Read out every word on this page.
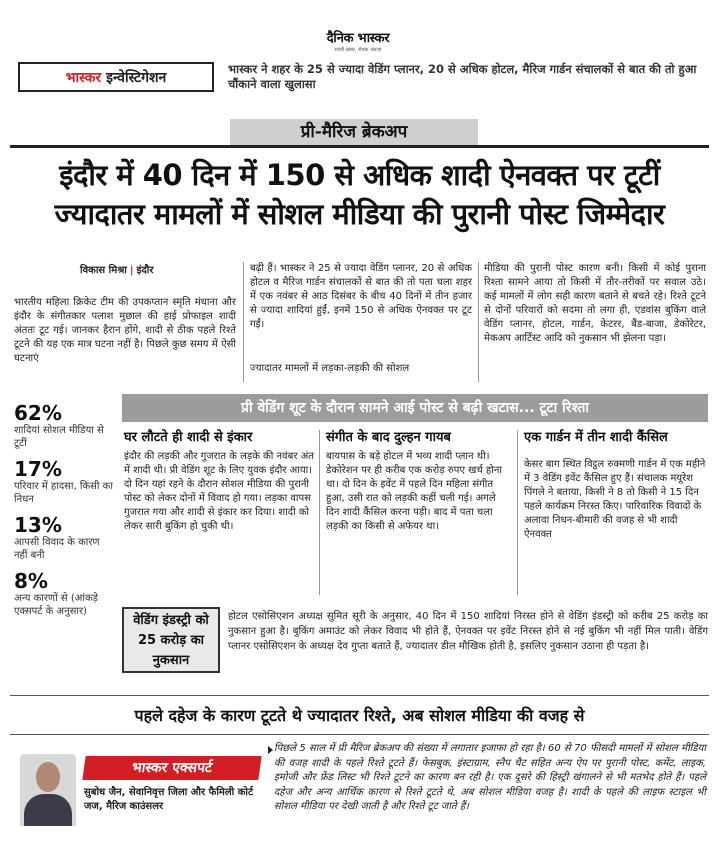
दैनिक भास्कर
सच्ची ख़बर, रोचक अंदाज़
भास्कर इन्वेस्टिगेशन
भास्कर ने शहर के 25 से ज्यादा वेडिंग प्लानर, 20 से अधिक होटल, मैरिज गार्डन संचालकों से बात की तो हुआ चौंकाने वाला खुलासा
प्री-मैरिज ब्रेकअप
इंदौर में 40 दिन में 150 से अधिक शादी ऐनवक्त पर टूटीं
ज्यादातर मामलों में सोशल मीडिया की पुरानी पोस्ट जिम्मेदार
विकास मिश्रा | इंदौर
भारतीय महिला क्रिकेट टीम की उपकप्तान स्मृति मंधाना और इंदौर के संगीतकार पलाश मुछाल की हाई प्रोफाइल शादी अंततः टूट गई। जानकर हैरान होंगे, शादी से ठीक पहले रिश्ते टूटने की यह एक मात्र घटना नहीं है। पिछले कुछ समय में ऐसी घटनाएं
बढ़ी हैं। भास्कर ने 25 से ज्यादा वेडिंग प्लानर, 20 से अधिक होटल व मैरिज गार्डन संचालकों से बात की तो पता चला शहर में एक नवंबर से आठ दिसंबर के बीच 40 दिनों में तीन हजार से ज्यादा शादियां हुईं, इनमें 150 से अधिक ऐनवक्त पर टूट गईं।
ज्यादातर मामलों में लड़का-लड़की की सोशल
मीडिया की पुरानी पोस्ट कारण बनी। किसी में कोई पुराना रिश्ता सामने आया तो किसी में तौर-तरीकों पर सवाल उठे। कई मामलों में लोग सही कारण बताने से बचते रहे। रिश्ते टूटने से दोनों परिवारों को सदमा तो लगा ही, एडवांस बुकिंग वाले वेडिंग प्लानर, होटल, गार्डन, केटरर, बैंड-बाजा, डेकोरेटर, मेकअप आर्टिस्ट आदि को नुकसान भी झेलना पड़ा।
62%
शादियां सोशल मीडिया से टूटीं
17%
परिवार में हादसा, किसी का निधन
13%
आपसी विवाद के कारण नहीं बनी
8%
अन्य कारणों से (आंकड़े एक्सपर्ट के अनुसार)
प्री वेडिंग शूट के दौरान सामने आई पोस्ट से बढ़ी खटास... टूटा रिश्ता
घर लौटते ही शादी से इंकार
इंदौर की लड़की और गुजरात के लड़के की नवंबर अंत में शादी थी। प्री वेडिंग शूट के लिए युवक इंदौर आया। दो दिन यहां रहने के दौरान सोशल मीडिया की पुरानी पोस्ट को लेकर दोनों में विवाद हो गया। लड़का वापस गुजरात गया और शादी से इंकार कर दिया। शादी को लेकर सारी बुकिंग हो चुकी थी।
संगीत के बाद दुल्हन गायब
बायपास के बड़े होटल में भव्य शादी प्लान थी। डेकोरेशन पर ही करीब एक करोड़ रुपए खर्च होना था। दो दिन के इवेंट में पहले दिन महिला संगीत हुआ, उसी रात को लड़की कहीं चली गई। अगले दिन शादी कैंसिल करना पड़ी। बाद में पता चला लड़की का किसी से अफेयर था।
एक गार्डन में तीन शादी कैंसिल
केसर बाग स्थित विट्ठल रुक्मणी गार्डन में एक महीने में 3 वेडिंग इवेंट कैंसिल हुए हैं। संचालक मयूरेश पिंगले ने बताया, किसी ने 8 तो किसी ने 15 दिन पहले कार्यक्रम निरस्त किए। पारिवारिक विवादों के अलावा निधन-बीमारी की वजह से भी शादी ऐनवक्त
वेडिंग इंडस्ट्री को 25 करोड़ का नुकसान
होटल एसोसिएशन अध्यक्ष सुमित सूरी के अनुसार, 40 दिन में 150 शादियां निरस्त होने से वेडिंग इंडस्ट्री को करीब 25 करोड़ का नुकसान हुआ है। बुकिंग अमाउंट को लेकर विवाद भी होते हैं, ऐनवक्त पर इवेंट निरस्त होने से नई बुकिंग भी नहीं मिल पाती। वेडिंग प्लानर एसोसिएशन के अध्यक्ष देव गुप्ता बताते हैं, ज्यादातर डील मौखिक होती है, इसलिए नुकसान उठाना ही पड़ता है।
पहले दहेज के कारण टूटते थे ज्यादातर रिश्ते, अब सोशल मीडिया की वजह से
भास्कर एक्सपर्ट
सुबोध जैन, सेवानिवृत्त जिला और फैमिली कोर्ट जज, मैरिज काउंसलर
पिछले 5 साल में प्री मैरिज ब्रेकअप की संख्या में लगातार इजाफा हो रहा है। 60 से 70 फीसदी मामलों में सोशल मीडिया की वजह शादी के पहले रिश्ते टूटते हैं। फेसबुक, इंस्टाग्राम, स्नैप चैट सहित अन्य ऐप पर पुरानी पोस्ट, कमेंट, लाइक, इमोजी और फ्रेंड लिस्ट भी रिश्ते टूटने का कारण बन रही है। एक दूसरे की हिस्ट्री खंगालने से भी मतभेद होते हैं। पहले दहेज और अन्य आर्थिक कारण से रिश्ते टूटते थे, अब सोशल मीडिया वजह है। शादी के पहले की लाइफ स्टाइल भी सोशल मीडिया पर देखी जाती है और रिश्ते टूट जाते हैं।
